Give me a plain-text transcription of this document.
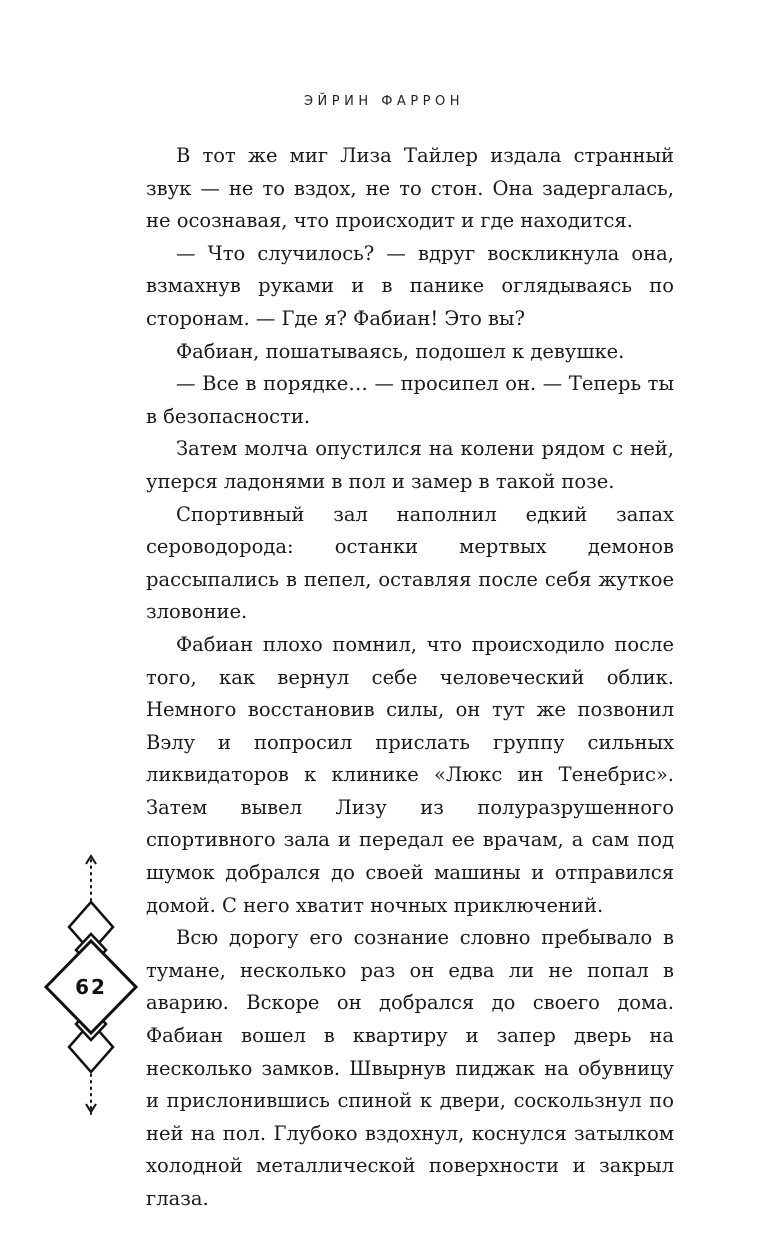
ЭЙРИН ФАРРОН

В тот же миг Лиза Тайлер издала странный звук — не то вздох, не то стон. Она задергалась, не осознавая, что происходит и где находится.

— Что случилось? — вдруг воскликнула она, взмахнув руками и в панике оглядываясь по сторонам. — Где я? Фабиан! Это вы?

Фабиан, пошатываясь, подошел к девушке.

— Все в порядке… — просипел он. — Теперь ты в безопасности.

Затем молча опустился на колени рядом с ней, уперся ладонями в пол и замер в такой позе.

Спортивный зал наполнил едкий запах сероводорода: останки мертвых демонов рассыпались в пепел, оставляя после себя жуткое зловоние.

Фабиан плохо помнил, что происходило после того, как вернул себе человеческий облик. Немного восстановив силы, он тут же позвонил Вэлу и попросил прислать группу сильных ликвидаторов к клинике «Люкс ин Тенебрис». Затем вывел Лизу из полуразрушенного спортивного зала и передал ее врачам, а сам под шумок добрался до своей машины и отправился домой. С него хватит ночных приключений.

Всю дорогу его сознание словно пребывало в тумане, несколько раз он едва ли не попал в аварию. Вскоре он добрался до своего дома. Фабиан вошел в квартиру и запер дверь на несколько замков. Швырнув пиджак на обувницу и прислонившись спиной к двери, соскользнул по ней на пол. Глубоко вздохнул, коснулся затылком холодной металлической поверхности и закрыл глаза.

62
